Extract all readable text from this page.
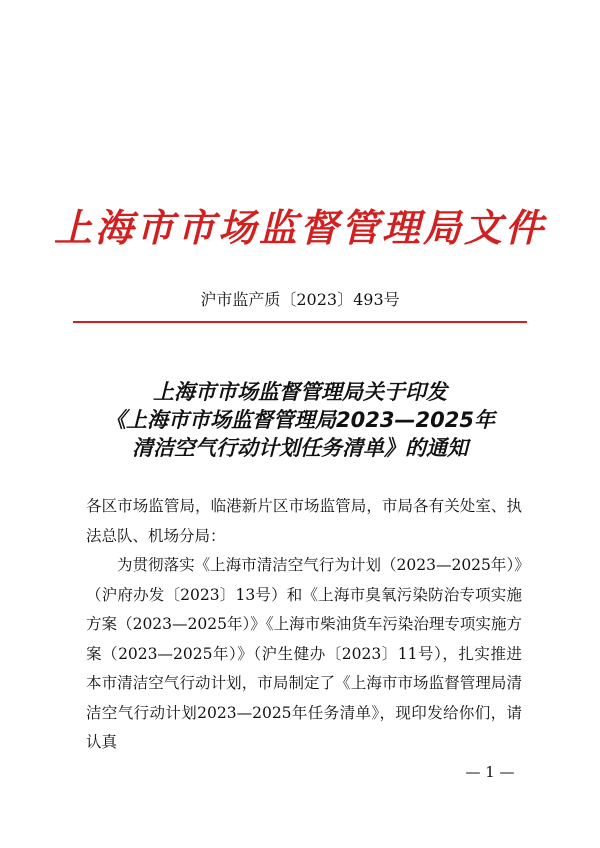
上海市市场监督管理局文件
沪市监产质〔2023〕493号
上海市市场监督管理局关于印发
《上海市市场监督管理局2023—2025年
清洁空气行动计划任务清单》的通知

各区市场监管局，临港新片区市场监管局，市局各有关处室、执法总队、机场分局：

为贯彻落实《上海市清洁空气行为计划（2023—2025年）》（沪府办发〔2023〕13号）和《上海市臭氧污染防治专项实施方案（2023—2025年）》《上海市柴油货车污染治理专项实施方案（2023—2025年）》（沪生健办〔2023〕11号），扎实推进本市清洁空气行动计划，市局制定了《上海市市场监督管理局清洁空气行动计划2023—2025年任务清单》，现印发给你们，请认真

— 1 —
